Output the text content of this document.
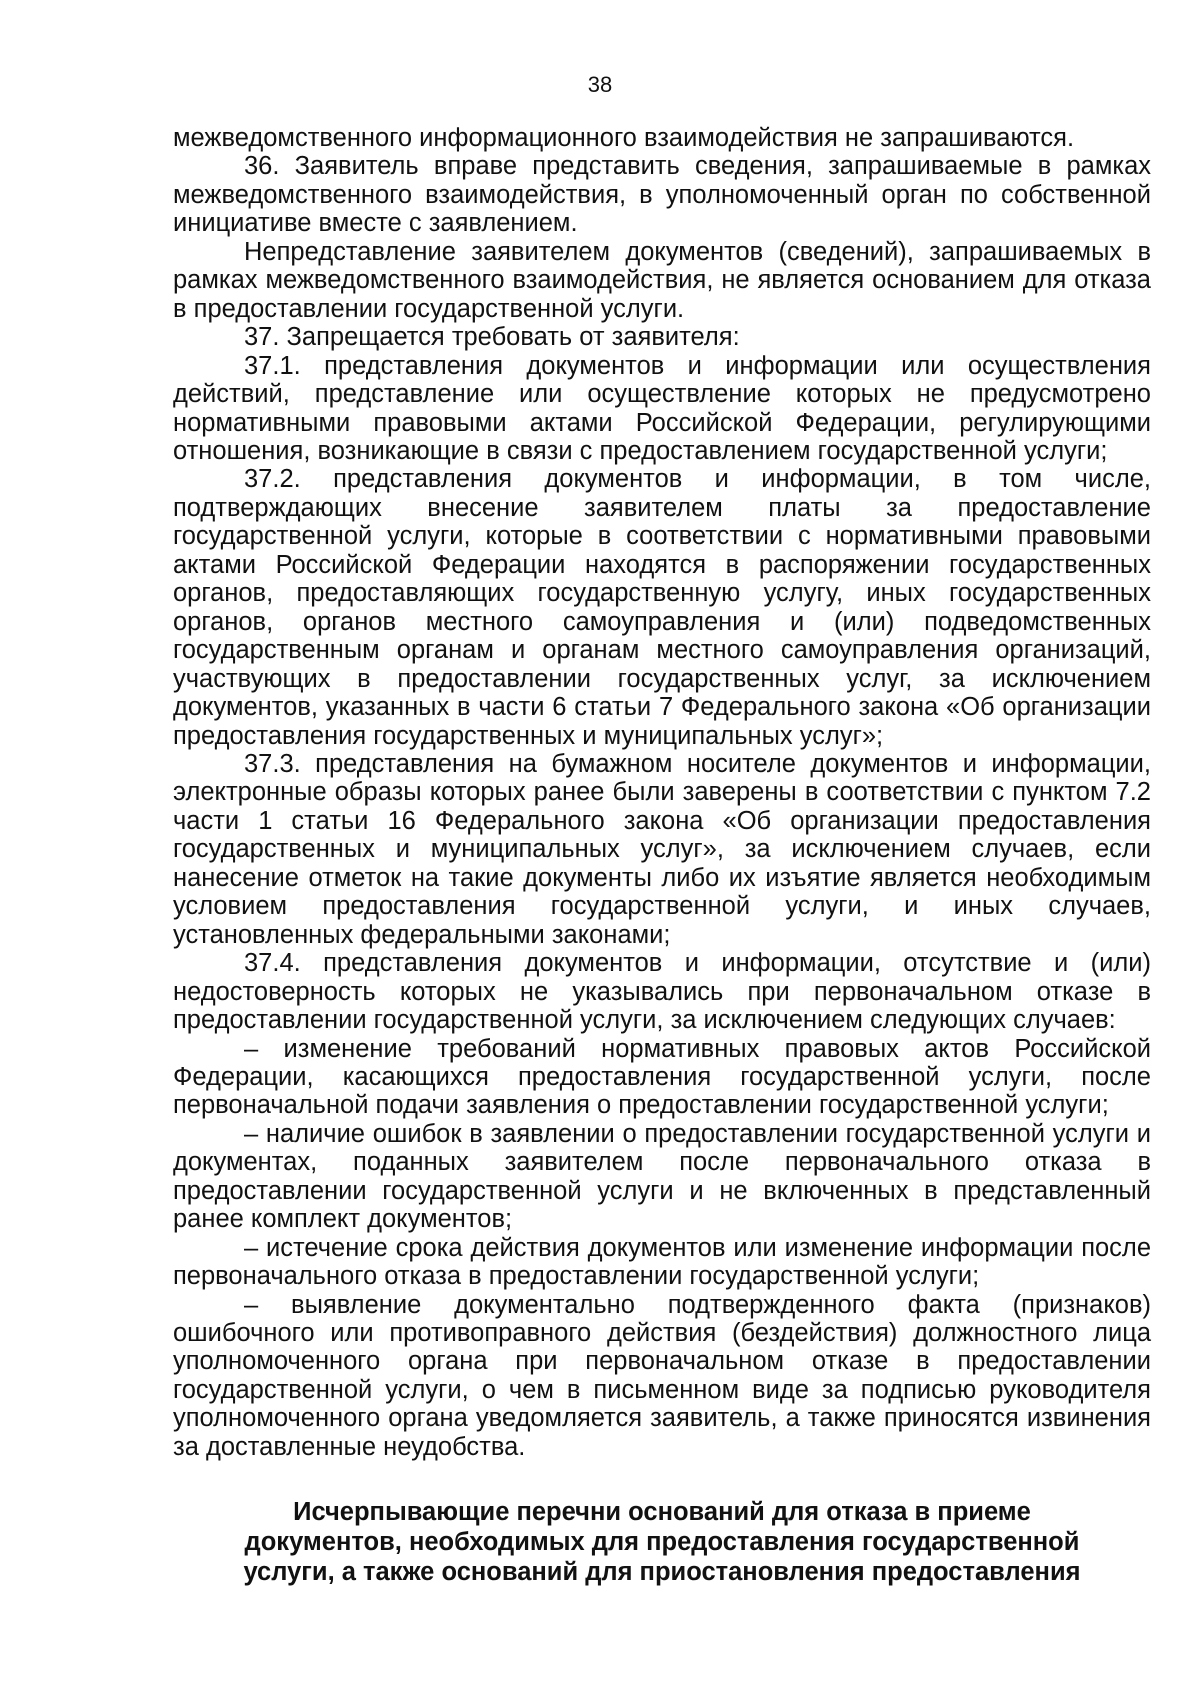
38

межведомственного информационного взаимодействия не запрашиваются.

36. Заявитель вправе представить сведения, запрашиваемые в рамках межведомственного взаимодействия, в уполномоченный орган по собственной инициативе вместе с заявлением.

Непредставление заявителем документов (сведений), запрашиваемых в рамках межведомственного взаимодействия, не является основанием для отказа в предоставлении государственной услуги.

37. Запрещается требовать от заявителя:

37.1. представления документов и информации или осуществления действий, представление или осуществление которых не предусмотрено нормативными правовыми актами Российской Федерации, регулирующими отношения, возникающие в связи с предоставлением государственной услуги;

37.2. представления документов и информации, в том числе, подтверждающих внесение заявителем платы за предоставление государственной услуги, которые в соответствии с нормативными правовыми актами Российской Федерации находятся в распоряжении государственных органов, предоставляющих государственную услугу, иных государственных органов, органов местного самоуправления и (или) подведомственных государственным органам и органам местного самоуправления организаций, участвующих в предоставлении государственных услуг, за исключением документов, указанных в части 6 статьи 7 Федерального закона «Об организации предоставления государственных и муниципальных услуг»;

37.3. представления на бумажном носителе документов и информации, электронные образы которых ранее были заверены в соответствии с пунктом 7.2 части 1 статьи 16 Федерального закона «Об организации предоставления государственных и муниципальных услуг», за исключением случаев, если нанесение отметок на такие документы либо их изъятие является необходимым условием предоставления государственной услуги, и иных случаев, установленных федеральными законами;

37.4. представления документов и информации, отсутствие и (или) недостоверность которых не указывались при первоначальном отказе в предоставлении государственной услуги, за исключением следующих случаев:

– изменение требований нормативных правовых актов Российской Федерации, касающихся предоставления государственной услуги, после первоначальной подачи заявления о предоставлении государственной услуги;

– наличие ошибок в заявлении о предоставлении государственной услуги и документах, поданных заявителем после первоначального отказа в предоставлении государственной услуги и не включенных в представленный ранее комплект документов;

– истечение срока действия документов или изменение информации после первоначального отказа в предоставлении государственной услуги;

– выявление документально подтвержденного факта (признаков) ошибочного или противоправного действия (бездействия) должностного лица уполномоченного органа при первоначальном отказе в предоставлении государственной услуги, о чем в письменном виде за подписью руководителя уполномоченного органа уведомляется заявитель, а также приносятся извинения за доставленные неудобства.

Исчерпывающие перечни оснований для отказа в приеме
документов, необходимых для предоставления государственной
услуги, а также оснований для приостановления предоставления
